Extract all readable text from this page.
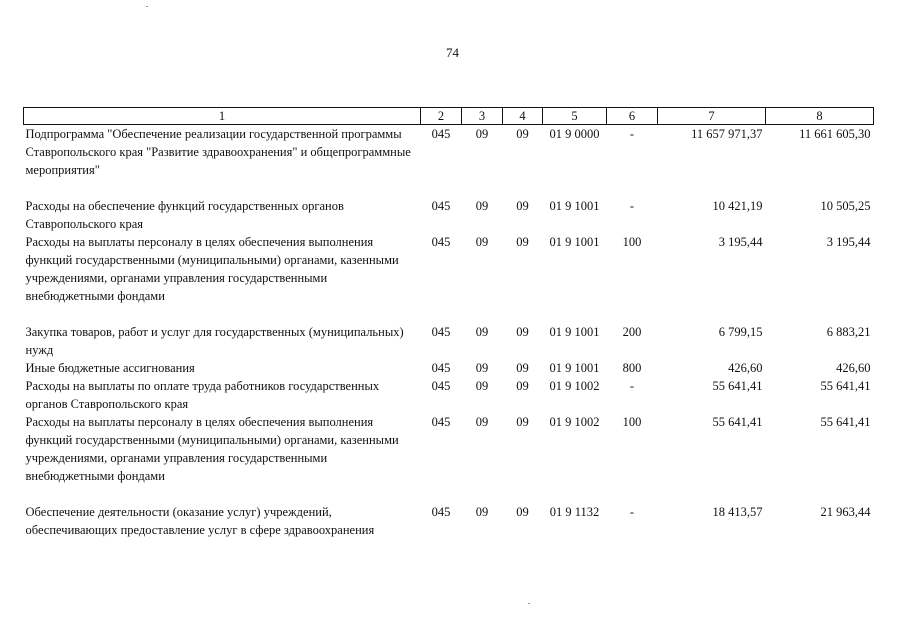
74
1	2	3	4	5	6	7	8
Подпрограмма "Обеспечение реализации государственной программы Ставропольского края "Развитие здравоохранения" и общепрограммные мероприятия"	045	09	09	01 9 0000	-	11 657 971,37	11 661 605,30
Расходы на обеспечение функций государственных органов Ставропольского края	045	09	09	01 9 1001	-	10 421,19	10 505,25
Расходы на выплаты персоналу в целях обеспечения выполнения функций государственными (муниципальными) органами, казенными учреждениями, органами управления государственными внебюджетными фондами	045	09	09	01 9 1001	100	3 195,44	3 195,44
Закупка товаров, работ и услуг для государственных (муниципальных) нужд	045	09	09	01 9 1001	200	6 799,15	6 883,21
Иные бюджетные ассигнования	045	09	09	01 9 1001	800	426,60	426,60
Расходы на выплаты по оплате труда работников государственных органов Ставропольского края	045	09	09	01 9 1002	-	55 641,41	55 641,41
Расходы на выплаты персоналу в целях обеспечения выполнения функций государственными (муниципальными) органами, казенными учреждениями, органами управления государственными внебюджетными фондами	045	09	09	01 9 1002	100	55 641,41	55 641,41
Обеспечение деятельности (оказание услуг) учреждений, обеспечивающих предоставление услуг в сфере здравоохранения	045	09	09	01 9 1132	-	18 413,57	21 963,44
